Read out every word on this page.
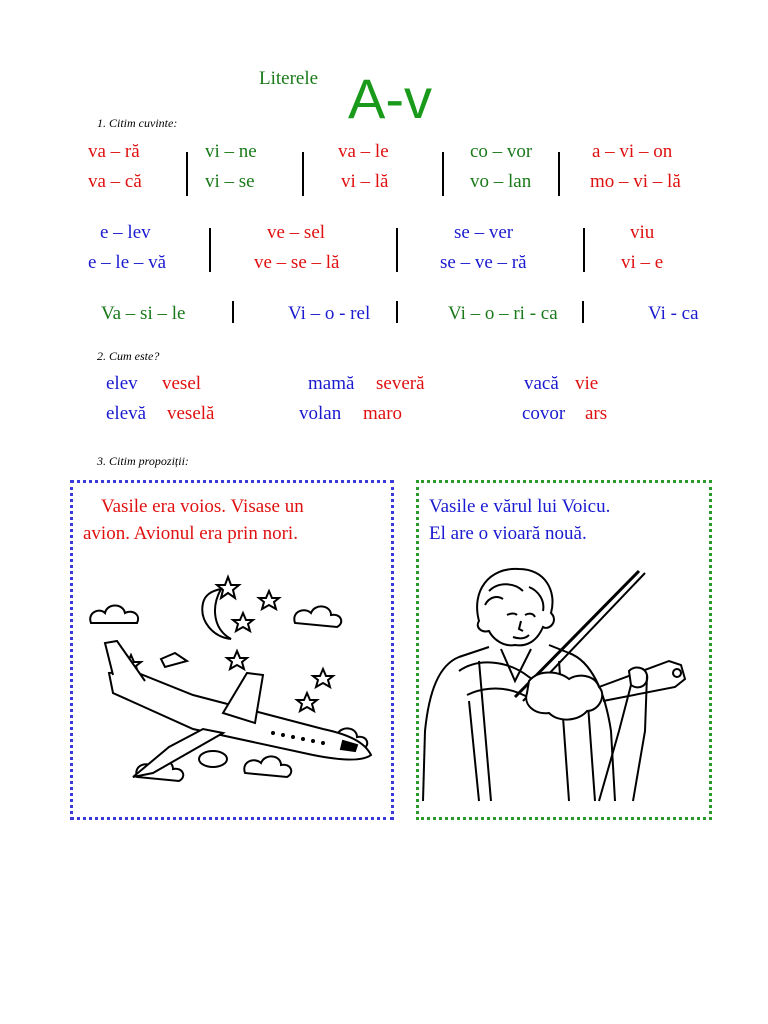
Literele A-v
1. Citim cuvinte:
va – ră	vi – ne	va – le	co – vor	a – vi – on
va – că	vi – se	vi – lă	vo – lan	mo – vi – lă
e – lev	ve – sel	se – ver	viu
e – le – vă	ve – se – lă	se – ve – ră	vi – e
Va – si – le	Vi – o - rel	Vi – o – ri - ca	Vi - ca
2. Cum este?
elev vesel	mamă severă	vacă vie
elevă veselă	volan maro	covor ars
3. Citim propoziții:
Vasile era voios. Visase un
avion. Avionul era prin nori.
Vasile e vărul lui Voicu.
El are o vioară nouă.
